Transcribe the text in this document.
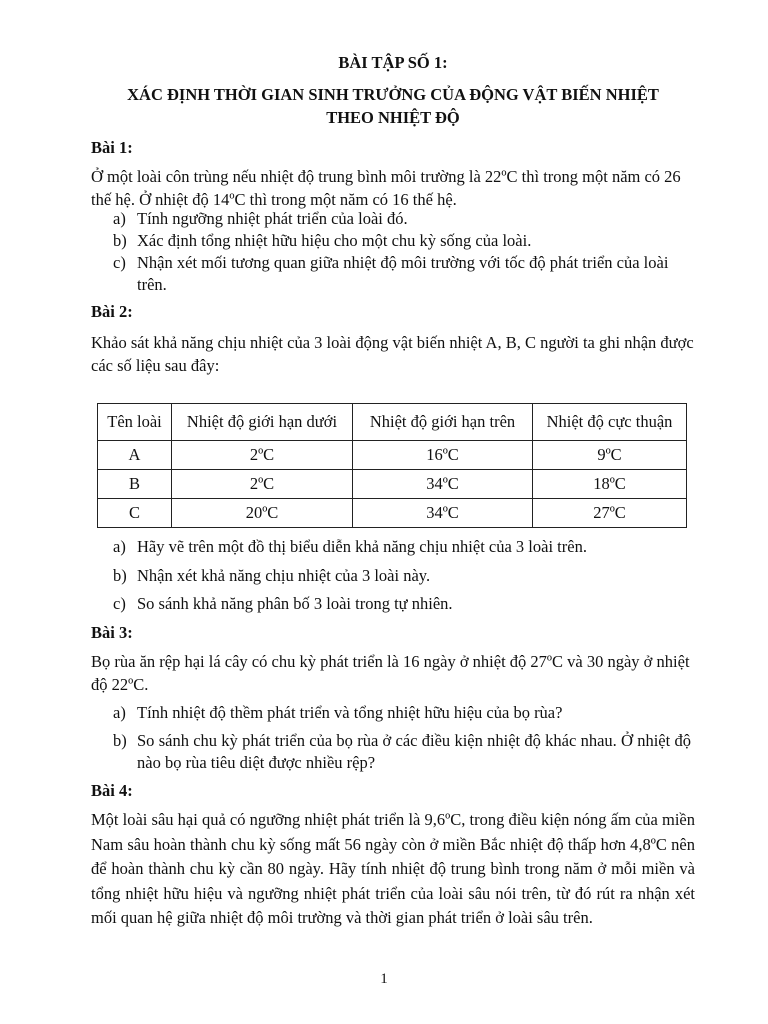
BÀI TẬP SỐ 1:
XÁC ĐỊNH THỜI GIAN SINH TRƯỞNG CỦA ĐỘNG VẬT BIẾN NHIỆT
THEO NHIỆT ĐỘ
Bài 1:
Ở một loài côn trùng nếu nhiệt độ trung bình môi trường là 22ºC thì trong một năm có 26 thế hệ. Ở nhiệt độ 14ºC thì trong một năm có 16 thế hệ.
a) Tính ngưỡng nhiệt phát triển của loài đó.
b) Xác định tổng nhiệt hữu hiệu cho một chu kỳ sống của loài.
c) Nhận xét mối tương quan giữa nhiệt độ môi trường với tốc độ phát triển của loài trên.
Bài 2:
Khảo sát khả năng chịu nhiệt của 3 loài động vật biến nhiệt A, B, C người ta ghi nhận được các số liệu sau đây:
Tên loài	Nhiệt độ giới hạn dưới	Nhiệt độ giới hạn trên	Nhiệt độ cực thuận
A	2ºC	16ºC	9ºC
B	2ºC	34ºC	18ºC
C	20ºC	34ºC	27ºC
a) Hãy vẽ trên một đồ thị biểu diễn khả năng chịu nhiệt của 3 loài trên.
b) Nhận xét khả năng chịu nhiệt của 3 loài này.
c) So sánh khả năng phân bố 3 loài trong tự nhiên.
Bài 3:
Bọ rùa ăn rệp hại lá cây có chu kỳ phát triển là 16 ngày ở nhiệt độ 27ºC và 30 ngày ở nhiệt độ 22ºC.
a) Tính nhiệt độ thềm phát triển và tổng nhiệt hữu hiệu của bọ rùa?
b) So sánh chu kỳ phát triển của bọ rùa ở các điều kiện nhiệt độ khác nhau. Ở nhiệt độ nào bọ rùa tiêu diệt được nhiều rệp?
Bài 4:
Một loài sâu hại quả có ngưỡng nhiệt phát triển là 9,6ºC, trong điều kiện nóng ấm của miền Nam sâu hoàn thành chu kỳ sống mất 56 ngày còn ở miền Bắc nhiệt độ thấp hơn 4,8ºC nên để hoàn thành chu kỳ cần 80 ngày. Hãy tính nhiệt độ trung bình trong năm ở mỗi miền và tổng nhiệt hữu hiệu và ngưỡng nhiệt phát triển của loài sâu nói trên, từ đó rút ra nhận xét mối quan hệ giữa nhiệt độ môi trường và thời gian phát triển ở loài sâu trên.
1
